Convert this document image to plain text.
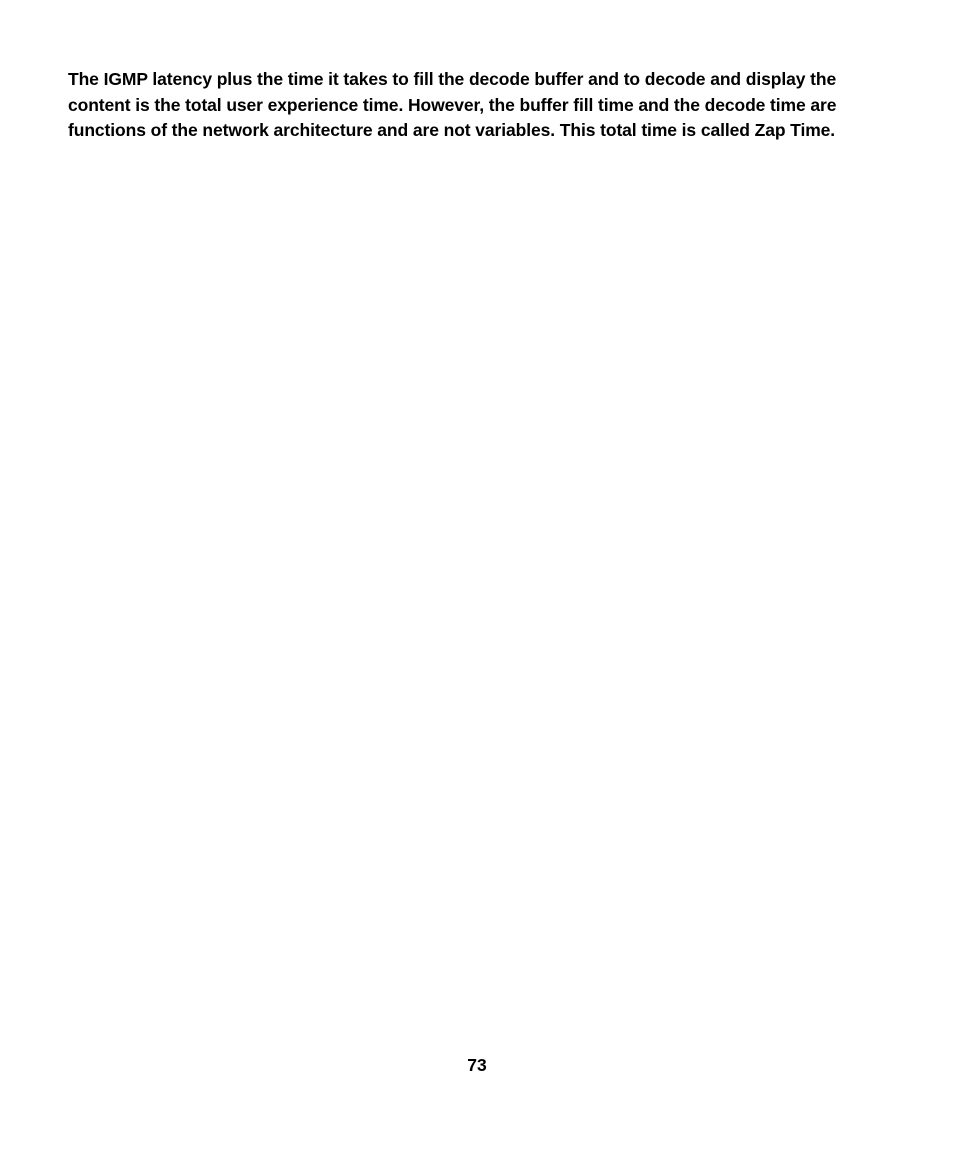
The IGMP latency plus the time it takes to fill the decode buffer and to decode and display the content is the total user experience time. However, the buffer fill time and the decode time are functions of the network architecture and are not variables. This total time is called Zap Time.

73
